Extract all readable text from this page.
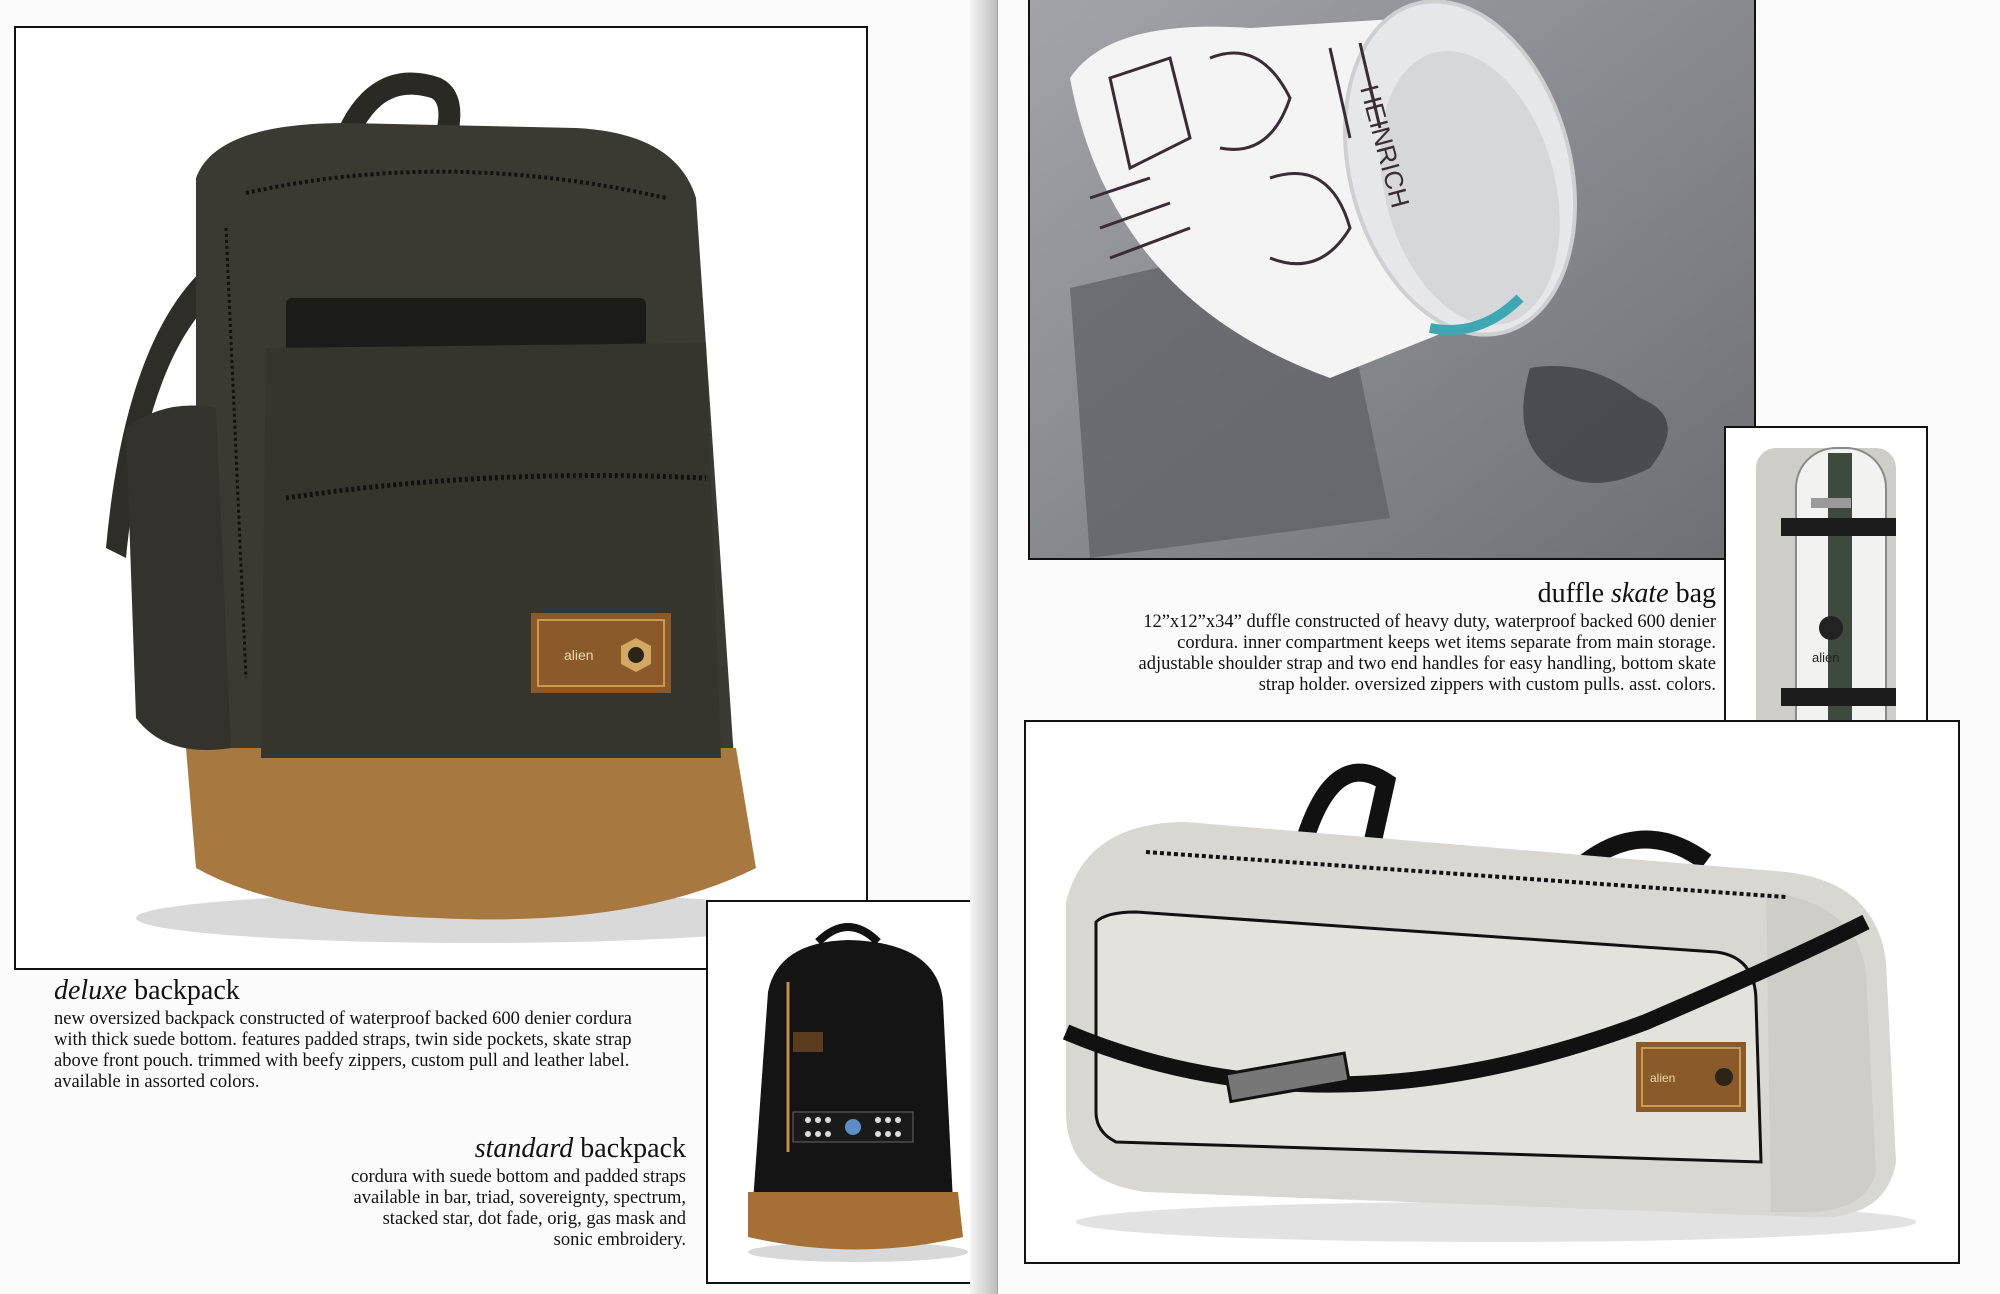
alien
deluxe backpack
new oversized backpack constructed of waterproof backed 600 denier cordura
with thick suede bottom. features padded straps, twin side pockets, skate strap
above front pouch. trimmed with beefy zippers, custom pull and leather label.
available in assorted colors.
standard backpack
cordura with suede bottom and padded straps
available in bar, triad, sovereignty, spectrum,
stacked star, dot fade, orig, gas mask and
sonic embroidery.
HEINRICH
alien
duffle skate bag
12”x12”x34” duffle constructed of heavy duty, waterproof backed 600 denier
cordura. inner compartment keeps wet items separate from main storage.
adjustable shoulder strap and two end handles for easy handling, bottom skate
strap holder. oversized zippers with custom pulls. asst. colors.
alien
